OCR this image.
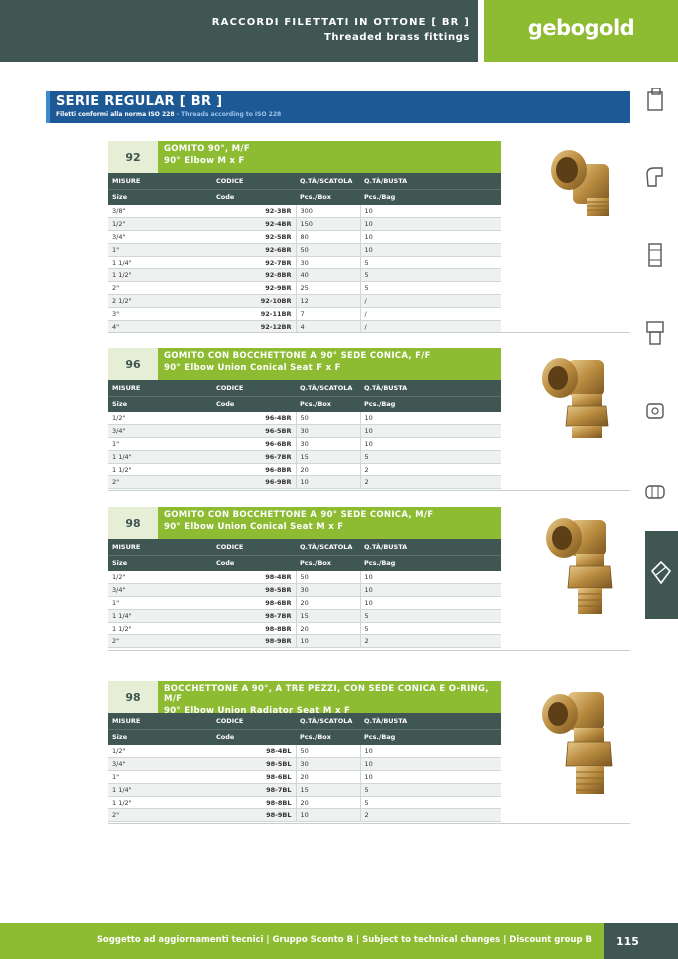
RACCORDI FILETTATI IN OTTONE [ BR ]
Threaded brass fittings	gebogold
SERIE REGULAR [ BR ]
Filetti conformi alla norma ISO 228 - Threads according to ISO 228
92
GOMITO 90°, M/F
90° Elbow M x F
MISURE	CODICE	Q.TÀ/SCATOLA	Q.TÀ/BUSTA
Size	Code	Pcs./Box	Pcs./Bag
3/8"	92-3BR	300	10
1/2"	92-4BR	150	10
3/4"	92-5BR	80	10
1"	92-6BR	50	10
1 1/4"	92-7BR	30	5
1 1/2"	92-8BR	40	5
2"	92-9BR	25	5
2 1/2"	92-10BR	12	/
3"	92-11BR	7	/
4"	92-12BR	4	/
96
GOMITO CON BOCCHETTONE A 90° SEDE CONICA, F/F
90° Elbow Union Conical Seat F x F
MISURE	CODICE	Q.TÀ/SCATOLA	Q.TÀ/BUSTA
Size	Code	Pcs./Box	Pcs./Bag
1/2"	96-4BR	50	10
3/4"	96-5BR	30	10
1"	96-6BR	30	10
1 1/4"	96-7BR	15	5
1 1/2"	96-8BR	20	2
2"	96-9BR	10	2
98
GOMITO CON BOCCHETTONE A 90° SEDE CONICA, M/F
90° Elbow Union Conical Seat M x F
MISURE	CODICE	Q.TÀ/SCATOLA	Q.TÀ/BUSTA
Size	Code	Pcs./Box	Pcs./Bag
1/2"	98-4BR	50	10
3/4"	98-5BR	30	10
1"	98-6BR	20	10
1 1/4"	98-7BR	15	5
1 1/2"	98-8BR	20	5
2"	98-9BR	10	2
98
BOCCHETTONE A 90°, A TRE PEZZI, CON SEDE CONICA E O-RING, M/F
90° Elbow Union Radiator Seat M x F
MISURE	CODICE	Q.TÀ/SCATOLA	Q.TÀ/BUSTA
Size	Code	Pcs./Box	Pcs./Bag
1/2"	98-4BL	50	10
3/4"	98-5BL	30	10
1"	98-6BL	20	10
1 1/4"	98-7BL	15	5
1 1/2"	98-8BL	20	5
2"	98-9BL	10	2
Soggetto ad aggiornamenti tecnici | Gruppo Sconto B | Subject to technical changes | Discount group B	115
